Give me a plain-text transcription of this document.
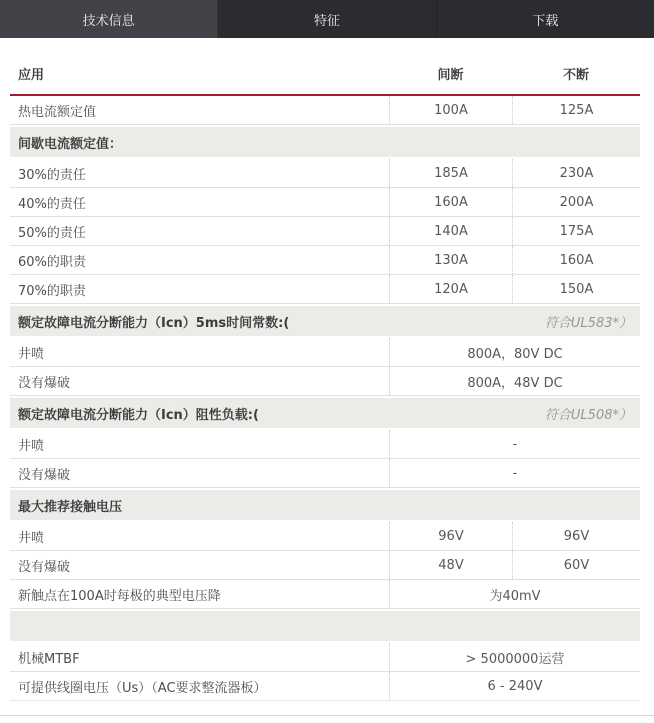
技术信息	特征	下载
应用	间断	不断
热电流额定值	100A	125A
间歇电流额定值：
30%的责任	185A	230A
40%的责任	160A	200A
50%的责任	140A	175A
60%的职责	130A	160A
70%的职责	120A	150A
额定故障电流分断能力（Icn）5ms时间常数:(	符合UL583*）
井喷	800A，80V DC
没有爆破	800A，48V DC
额定故障电流分断能力（Icn）阻性负载:(	符合UL508*）
井喷	-
没有爆破	-
最大推荐接触电压
井喷	96V	96V
没有爆破	48V	60V
新触点在100A时每极的典型电压降	为40mV
机械MTBF	> 5000000运营
可提供线圈电压（Us）（AC要求整流器板）	6 - 240V
